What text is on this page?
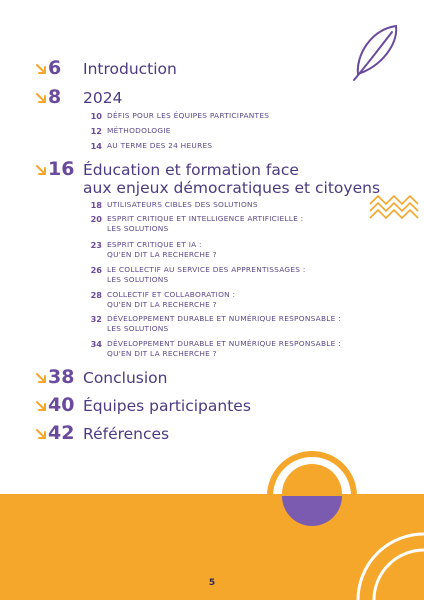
6 Introduction
8 2024
10 DÉFIS POUR LES ÉQUIPES PARTICIPANTES
12 MÉTHODOLOGIE
14 AU TERME DES 24 HEURES
16 Éducation et formation face
aux enjeux démocratiques et citoyens
18 UTILISATEURS CIBLES DES SOLUTIONS
20 ESPRIT CRITIQUE ET INTELLIGENCE ARTIFICIELLE :
LES SOLUTIONS
23 ESPRIT CRITIQUE ET IA :
QU'EN DIT LA RECHERCHE ?
26 LE COLLECTIF AU SERVICE DES APPRENTISSAGES :
LES SOLUTIONS
28 COLLECTIF ET COLLABORATION :
QU'EN DIT LA RECHERCHE ?
32 DÉVELOPPEMENT DURABLE ET NUMÉRIQUE RESPONSABLE :
LES SOLUTIONS
34 DÉVELOPPEMENT DURABLE ET NUMÉRIQUE RESPONSABLE :
QU'EN DIT LA RECHERCHE ?
38 Conclusion
40 Équipes participantes
42 Références
5
